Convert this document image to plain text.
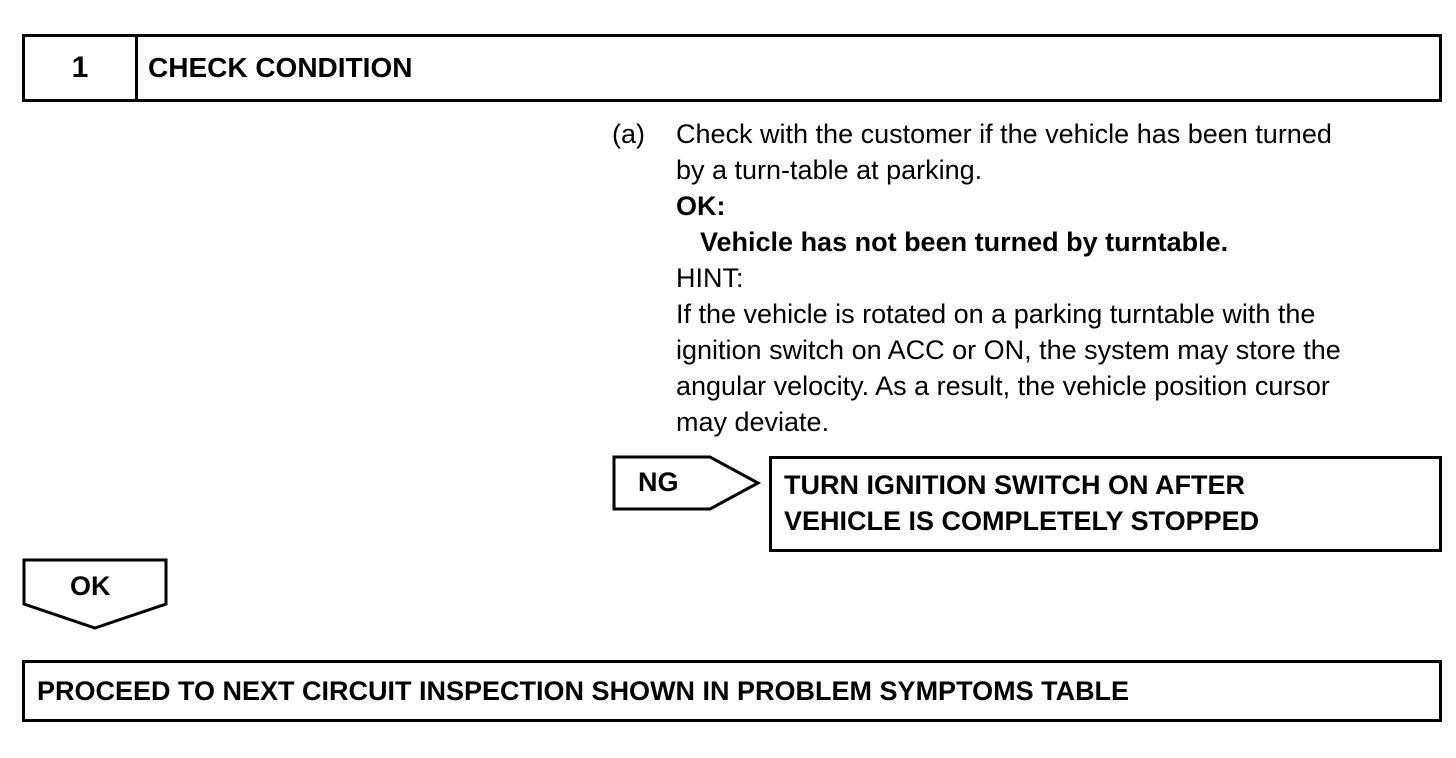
1	CHECK CONDITION
(a)	Check with the customer if the vehicle has been turned
by a turn-table at parking.
OK:
Vehicle has not been turned by turntable.
HINT:
If the vehicle is rotated on a parking turntable with the
ignition switch on ACC or ON, the system may store the
angular velocity. As a result, the vehicle position cursor
may deviate.
NG	TURN IGNITION SWITCH ON AFTER
VEHICLE IS COMPLETELY STOPPED
OK
PROCEED TO NEXT CIRCUIT INSPECTION SHOWN IN PROBLEM SYMPTOMS TABLE
